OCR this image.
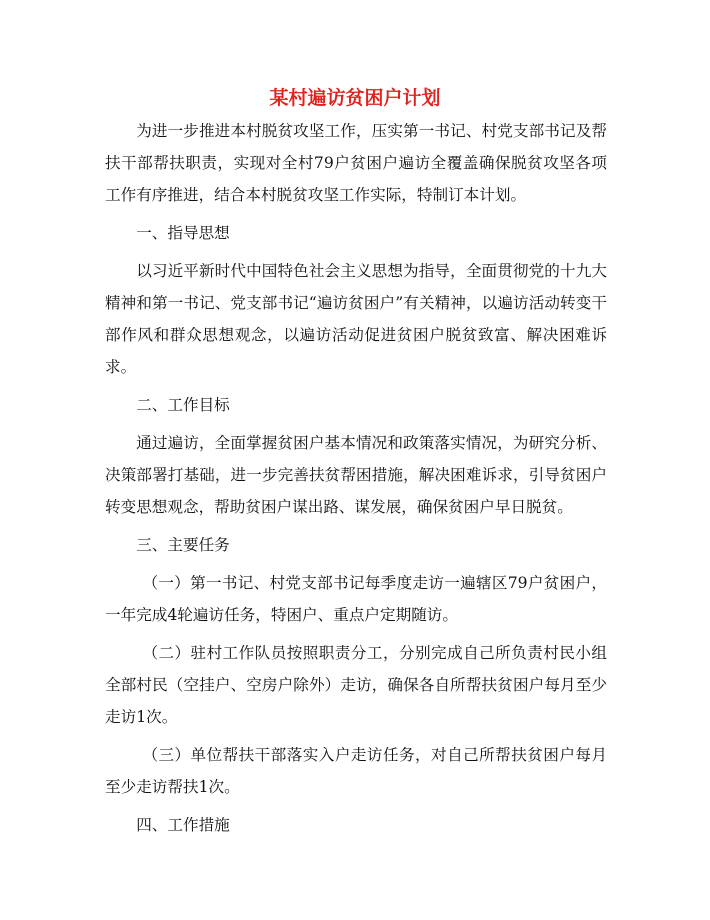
某村遍访贫困户计划

为进一步推进本村脱贫攻坚工作，压实第一书记、村党支部书记及帮扶干部帮扶职责，实现对全村79户贫困户遍访全覆盖确保脱贫攻坚各项工作有序推进，结合本村脱贫攻坚工作实际，特制订本计划。

一、指导思想

以习近平新时代中国特色社会主义思想为指导，全面贯彻党的十九大精神和第一书记、党支部书记“遍访贫困户”有关精神，以遍访活动转变干部作风和群众思想观念，以遍访活动促进贫困户脱贫致富、解决困难诉求。

二、工作目标

通过遍访，全面掌握贫困户基本情况和政策落实情况，为研究分析、决策部署打基础，进一步完善扶贫帮困措施，解决困难诉求，引导贫困户转变思想观念，帮助贫困户谋出路、谋发展，确保贫困户早日脱贫。

三、主要任务

（一）第一书记、村党支部书记每季度走访一遍辖区79户贫困户，一年完成4轮遍访任务，特困户、重点户定期随访。

（二）驻村工作队员按照职责分工，分别完成自己所负责村民小组全部村民（空挂户、空房户除外）走访，确保各自所帮扶贫困户每月至少走访1次。

（三）单位帮扶干部落实入户走访任务，对自己所帮扶贫困户每月至少走访帮扶1次。

四、工作措施
